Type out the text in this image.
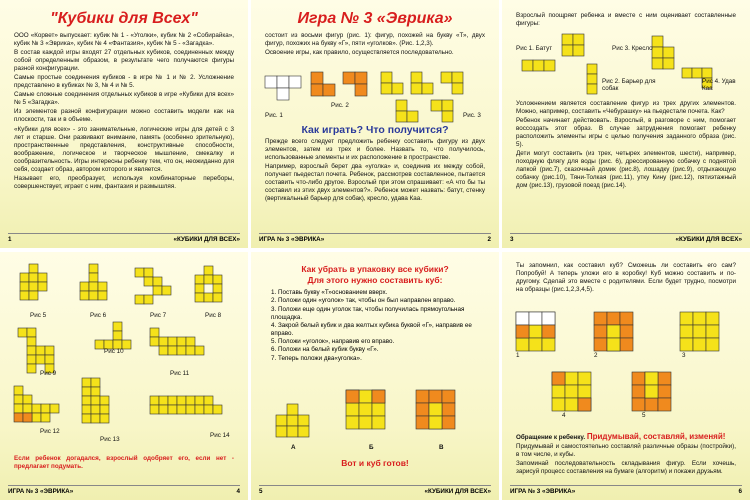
"Кубики для Всех"

ООО «Корвет» выпускает: кубик № 1 - «Уголки», кубик № 2 «Собирайка», кубик № 3 «Эврика», кубик № 4 «Фантазия», кубик № 5 - «Загадка».

В состав каждой игры входят 27 отдельных кубиков, соединенных между собой определенным образом, в результате чего получаются фигуры разной конфигурации.

Самые простые соединения кубиков - в игре № 1 и № 2. Усложнение представлено в кубиках № 3, № 4 и № 5.

Самые сложные соединения отдельных кубиков в игре «Кубики для всех» № 5 «Загадка».

Из элементов разной конфигурации можно составить модели как на плоскости, так и в объеме.

«Кубики для всех» - это занимательные, логические игры для детей с 3 лет и старше. Они развивают внимание, память (особенно зрительную), пространственные представления, конструктивные способности, воображение, логическое и творческое мышление, смекалку и сообразительность. Игры интересны ребенку тем, что он, неожиданно для себя, создает образ, автором которого и является.

Называет его, преобразует, используя комбинаторные переборы, совершенствует, играет с ним, фантазия и размышляя.

1	«КУБИКИ ДЛЯ ВСЕХ»
Игра № 3 «Эврика»

состоит из восьми фигур (рис. 1): фигур, похожей на букву «Т», двух фигур, похожих на букву «Г», пяти «уголков». (Рис. 1,2,3).

Освоение игры, как правило, осуществляется последовательно.

Рис. 1
Рис. 2
Рис. 3
Как играть? Что получится?

Прежде всего следует предложить ребенку составить фигуру из двух элементов, затем из трех и более. Назвать то, что получилось, использованные элементы и их расположение в пространстве.

Например, взрослый берет два «уголка» и, соединив их между собой, получает пьедестал почета. Ребенок, рассмотрев составленное, пытается составить что-либо другое. Взрослый при этом спрашивает: «А что бы ты составил из этих двух элементов?». Ребенок может назвать: батут, стенку (вертикальный барьер для собак), кресло, удава Каа.

ИГРА № 3 «ЭВРИКА»	2

Взрослый поощряет ребенка и вместе с ним оценивает составленные фигуры:

Рис 1. Батут	Рис 3. Кресло
Рис 2. Барьер для собак
Рис 4. Удав Каа

Усложнением является составление фигур из трех других элементов. Можно, например, составить «Чебурашку» на пьедестале почета. Как?

Ребенок начинает действовать. Взрослый, в разговоре с ним, помогает воссоздать этот образ. В случае затруднения помогает ребенку расположить элементы игры с целью получения заданного образа (рис. 5).

Дети могут составить (из трех, четырех элементов, шести), например, походную флягу для воды (рис. 6), дрессированную собачку с поднятой лапкой (рис.7), сказочный домик (рис.8), лошадку (рис.9), отдыхающую собачку (рис.10), Тяни-Толкая (рис.11), утку Кину (рис.12), пятиэтажный дом (рис.13), грузовой поезд (рис.14).

3	«КУБИКИ ДЛЯ ВСЕХ»
Рис 5	Рис 6	Рис 7	Рис 8
Рис 9
Рис 10
Рис 11
Рис 12
Рис 13
Рис 14
Если ребенок догадался, взрослый одобряет его, если нет - предлагает подумать.
ИГРА № 3 «ЭВРИКА»	4
Как убрать в упаковку все кубики?
Для этого нужно составить куб:
1. Поставь букву «Т»основанием вверх.
2. Положи один «уголок» так, чтобы он был направлен вправо.
3. Положи еще один уголок так, чтобы получилась прямоугольная площадка.
4. Закрой белый кубик и два желтых кубика буквой «Г», направив ее вправо.
5. Положи «уголок», направив его вправо.
6. Положи на белый кубик букву «Г».
7. Теперь положи два«уголка».
А	Б	В
Вот и куб готов!
5	«КУБИКИ ДЛЯ ВСЕХ»

Ты запомнил, как составил куб? Сможешь ли составить его сам? Попробуй! А теперь уложи его в коробку! Куб можно составить и по-другому. Сделай это вместе с родителями. Если будет трудно, посмотри на образцы (рис.1,2,3,4,5).

1	2	3
4	5

Обращение к ребенку. Придумывай, составляй, изменяй!

Придумывай и самостоятельно составляй различные образы (постройки), в том числе, и кубы.

Запоминай последовательность складывания фигур. Если хочешь, зарисуй процесс составления на бумаге (алгоритм) и покажи друзьям.

ИГРА № 3 «ЭВРИКА»	6
